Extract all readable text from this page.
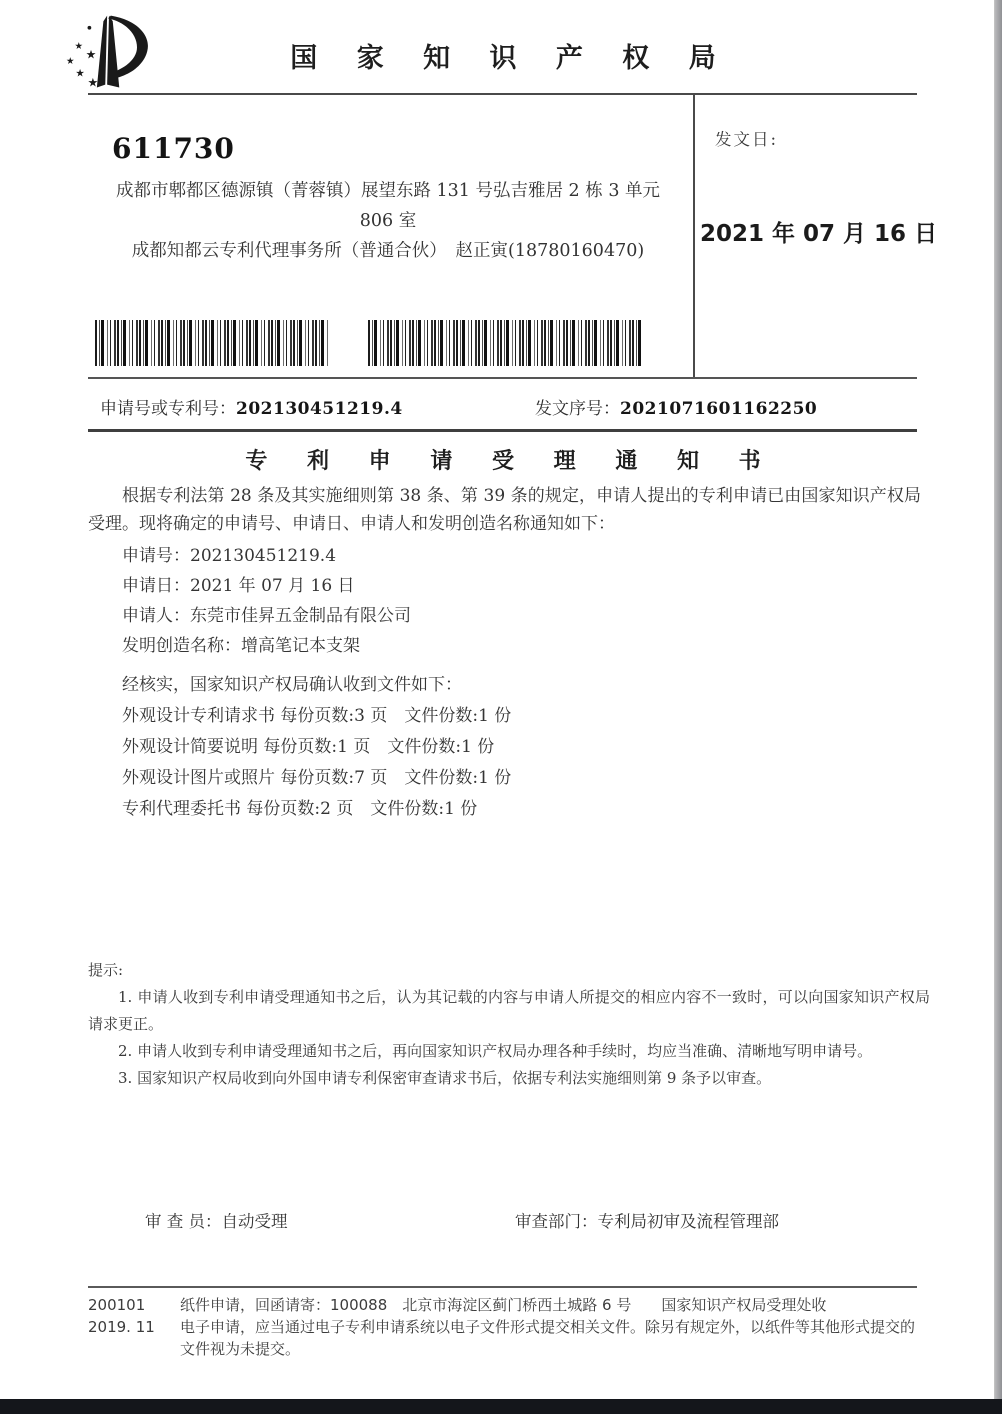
★
★
★
★
★
国 家 知 识 产 权 局
611730
成都市郫都区德源镇（菁蓉镇）展望东路 131 号弘吉雅居 2 栋 3 单元
806 室
成都知都云专利代理事务所（普通合伙）　赵正寅(18780160470)
发文日:
2021 年 07 月 16 日
申请号或专利号：202130451219.4	发文序号：2021071601162250
专 利 申 请 受 理 通 知 书

根据专利法第 28 条及其实施细则第 38 条、第 39 条的规定，申请人提出的专利申请已由国家知识产权局受理。现将确定的申请号、申请日、申请人和发明创造名称通知如下：

申请号：202130451219.4
申请日：2021 年 07 月 16 日
申请人：东莞市佳昇五金制品有限公司
发明创造名称：增高笔记本支架
经核实，国家知识产权局确认收到文件如下：
外观设计专利请求书 每份页数:3 页　文件份数:1 份
外观设计简要说明 每份页数:1 页　文件份数:1 份
外观设计图片或照片 每份页数:7 页　文件份数:1 份
专利代理委托书 每份页数:2 页　文件份数:1 份
提示:

1. 申请人收到专利申请受理通知书之后，认为其记载的内容与申请人所提交的相应内容不一致时，可以向国家知识产权局请求更正。

2. 申请人收到专利申请受理通知书之后，再向国家知识产权局办理各种手续时，均应当准确、清晰地写明申请号。

3. 国家知识产权局收到向外国申请专利保密审查请求书后，依据专利法实施细则第 9 条予以审查。

审 查 员：自动受理	审查部门：专利局初审及流程管理部
200101	纸件申请，回函请寄：100088　北京市海淀区蓟门桥西土城路 6 号　　国家知识产权局受理处收
2019. 11	电子申请，应当通过电子专利申请系统以电子文件形式提交相关文件。除另有规定外，以纸件等其他形式提交的文件视为未提交。
